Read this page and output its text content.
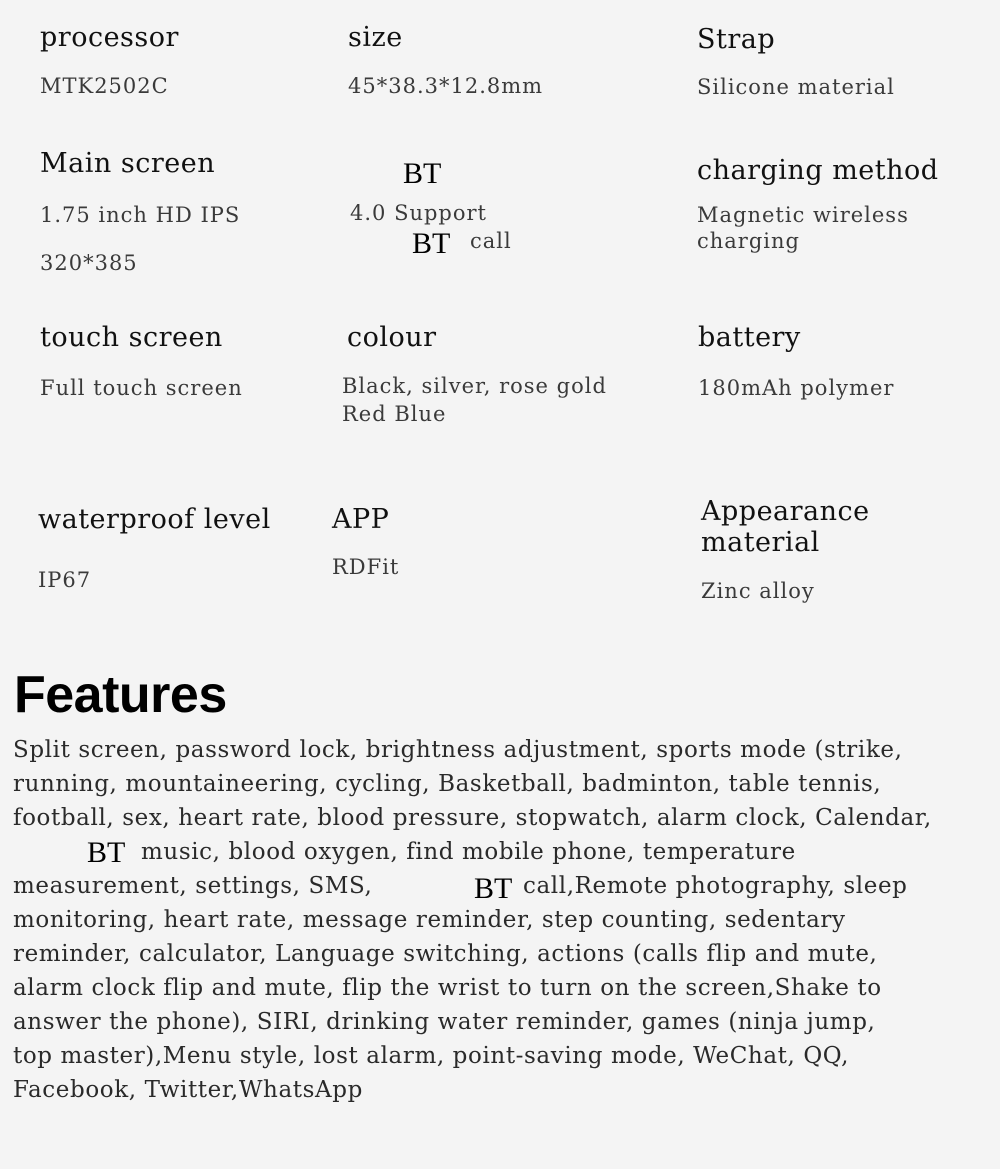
processor
MTK2502C
size
45*38.3*12.8mm
Strap
Silicone material
Main screen
1.75 inch HD IPS
320*385
BT
4.0 Support
BT call
charging method
Magnetic wireless
charging
touch screen
Full touch screen
colour
Black, silver, rose gold
Red Blue
battery
180mAh polymer
waterproof level
IP67
APP
RDFit
Appearance
material
Zinc alloy
Features
Split screen, password lock, brightness adjustment, sports mode (strike,
running, mountaineering, cycling, Basketball, badminton, table tennis,
football, sex, heart rate, blood pressure, stopwatch, alarm clock, Calendar,
BT music, blood oxygen, find mobile phone, temperature
measurement, settings, SMS,	BT call,Remote photography, sleep
monitoring, heart rate, message reminder, step counting, sedentary
reminder, calculator, Language switching, actions (calls flip and mute,
alarm clock flip and mute, flip the wrist to turn on the screen,Shake to
answer the phone), SIRI, drinking water reminder, games (ninja jump,
top master),Menu style, lost alarm, point-saving mode, WeChat, QQ,
Facebook, Twitter,WhatsApp
